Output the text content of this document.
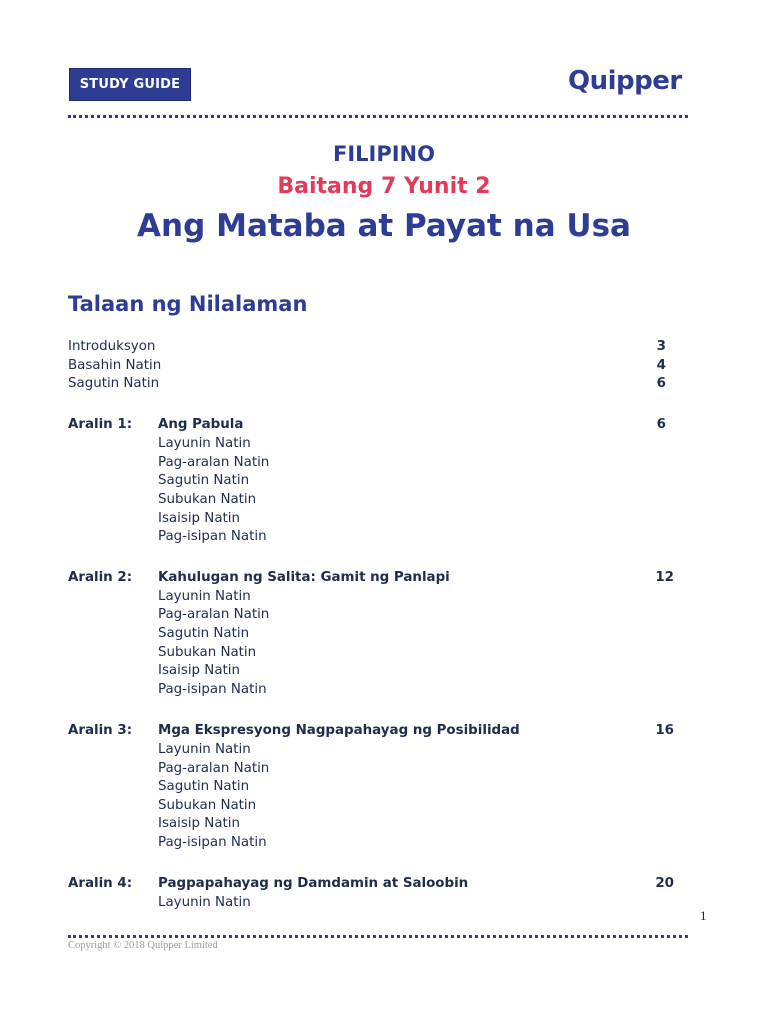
STUDY GUIDE	Quipper
FILIPINO
Baitang 7 Yunit 2
Ang Mataba at Payat na Usa
Talaan ng Nilalaman
Introduksyon	3
Basahin Natin	4
Sagutin Natin	6
Aralin 1: Ang Pabula	6
Layunin Natin
Pag-aralan Natin
Sagutin Natin
Subukan Natin
Isaisip Natin
Pag-isipan Natin
Aralin 2: Kahulugan ng Salita: Gamit ng Panlapi	12
Layunin Natin
Pag-aralan Natin
Sagutin Natin
Subukan Natin
Isaisip Natin
Pag-isipan Natin
Aralin 3: Mga Ekspresyong Nagpapahayag ng Posibilidad	16
Layunin Natin
Pag-aralan Natin
Sagutin Natin
Subukan Natin
Isaisip Natin
Pag-isipan Natin
Aralin 4: Pagpapahayag ng Damdamin at Saloobin	20
Layunin Natin
1
Copyright © 2018 Quipper Limited
